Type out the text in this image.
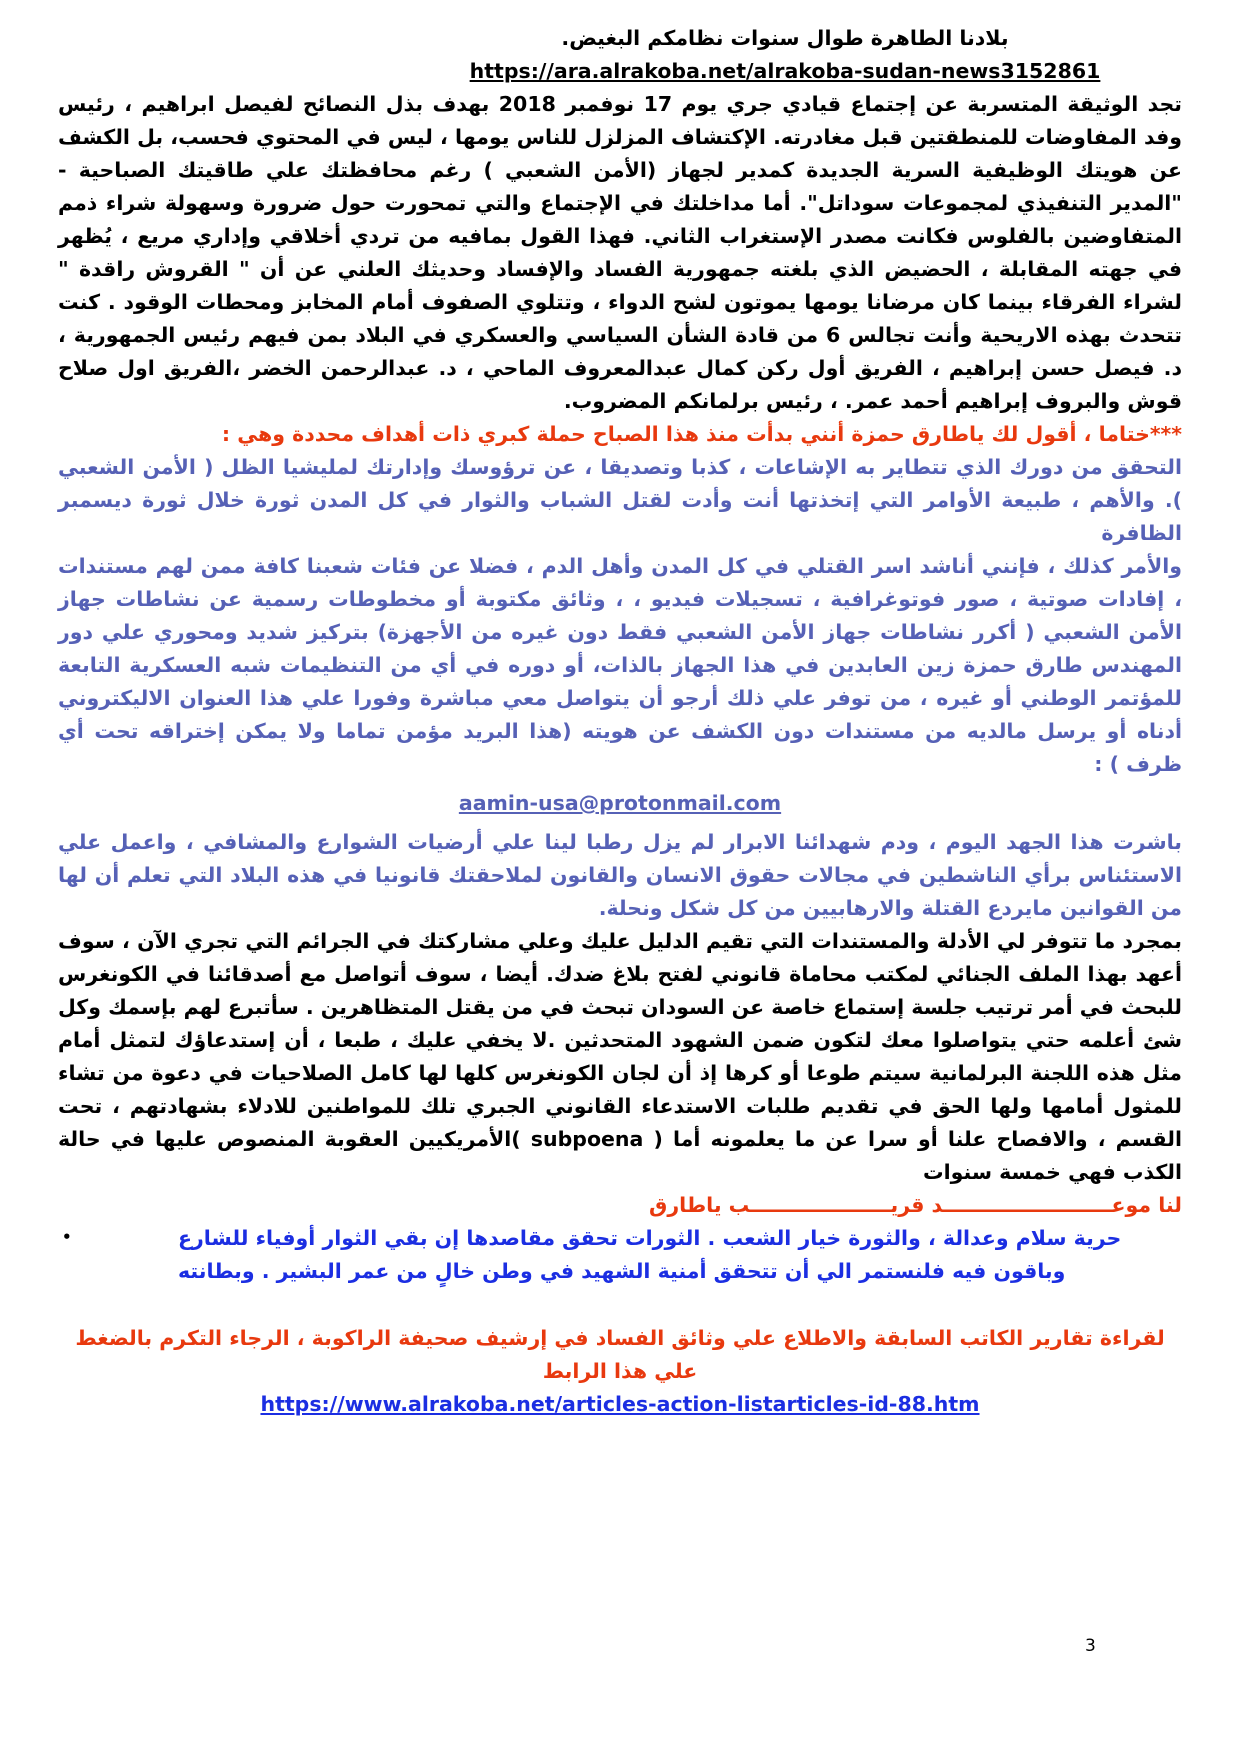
بلادنا الطاهرة طوال سنوات نظامكم البغيض.

https://ara.alrakoba.net/alrakoba-sudan-news3152861

تجد الوثيقة المتسربة عن إجتماع قيادي جري يوم 17 نوفمبر 2018 بهدف بذل النصائح لفيصل ابراهيم ، رئيس وفد المفاوضات للمنطقتين قبل مغادرته. الإكتشاف المزلزل للناس يومها ، ليس في المحتوي فحسب، بل الكشف عن هويتك الوظيفية السرية الجديدة كمدير لجهاز (الأمن الشعبي ) رغم محافظتك علي طاقيتك الصباحية - "المدير التنفيذي لمجموعات سوداتل". أما مداخلتك في الإجتماع والتي تمحورت حول ضرورة وسهولة شراء ذمم المتفاوضين بالفلوس فكانت مصدر الإستغراب الثاني. فهذا القول بمافيه من تردي أخلاقي وإداري مريع ، يُظهر في جهته المقابلة ، الحضيض الذي بلغته جمهورية الفساد والإفساد وحديثك العلني عن أن " القروش راقدة " لشراء الفرقاء بينما كان مرضانا يومها يموتون لشح الدواء ، وتتلوي الصفوف أمام المخابز ومحطات الوقود . كنت تتحدث بهذه الاريحية وأنت تجالس 6 من قادة الشأن السياسي والعسكري في البلاد بمن فيهم رئيس الجمهورية ، د. فيصل حسن إبراهيم ، الفريق أول ركن كمال عبدالمعروف الماحي ، د. عبدالرحمن الخضر ،الفريق اول صلاح قوش والبروف إبراهيم أحمد عمر. ، رئيس برلمانكم المضروب.

***ختاما ، أقول لك ياطارق حمزة أنني بدأت منذ هذا الصباح حملة كبري ذات أهداف محددة وهي :

التحقق من دورك الذي تتطاير به الإشاعات ، كذبا وتصديقا ، عن ترؤوسك وإدارتك لمليشيا الظل ( الأمن الشعبي ). والأهم ، طبيعة الأوامر التي إتخذتها أنت وأدت لقتل الشباب والثوار في كل المدن ثورة خلال ثورة ديسمبر الظافرة

والأمر كذلك ، فإنني أناشد اسر القتلي في كل المدن وأهل الدم ، فضلا عن فئات شعبنا كافة ممن لهم مستندات ، إفادات صوتية ، صور فوتوغرافية ، تسجيلات فيديو ، ، وثائق مكتوبة أو مخطوطات رسمية عن نشاطات جهاز الأمن الشعبي ( أكرر نشاطات جهاز الأمن الشعبي فقط دون غيره من الأجهزة) بتركيز شديد ومحوري علي دور المهندس طارق حمزة زين العابدين في هذا الجهاز بالذات، أو دوره في أي من التنظيمات شبه العسكرية التابعة للمؤتمر الوطني أو غيره ، من توفر علي ذلك أرجو أن يتواصل معي مباشرة وفورا علي هذا العنوان الاليكتروني أدناه أو يرسل مالديه من مستندات دون الكشف عن هويته (هذا البريد مؤمن تماما ولا يمكن إختراقه تحت أي ظرف ) :

aamin-usa@protonmail.com

باشرت هذا الجهد اليوم ، ودم شهدائنا الابرار لم يزل رطبا لينا علي أرضيات الشوارع والمشافي ، واعمل علي الاستئناس برأي الناشطين في مجالات حقوق الانسان والقانون لملاحقتك قانونيا في هذه البلاد التي تعلم أن لها من القوانين مايردع القتلة والارهابيين من كل شكل ونحلة.

بمجرد ما تتوفر لي الأدلة والمستندات التي تقيم الدليل عليك وعلي مشاركتك في الجرائم التي تجري الآن ، سوف أعهد بهذا الملف الجنائي لمكتب محاماة قانوني لفتح بلاغ ضدك. أيضا ، سوف أتواصل مع أصدقائنا في الكونغرس للبحث في أمر ترتيب جلسة إستماع خاصة عن السودان تبحث في من يقتل المتظاهرين . سأتبرع لهم بإسمك وكل شئ أعلمه حتي يتواصلوا معك لتكون ضمن الشهود المتحدثين .لا يخفي عليك ، طبعا ، أن إستدعاؤك لتمثل أمام مثل هذه اللجنة البرلمانية سيتم طوعا أو كرها إذ أن لجان الكونغرس كلها لها كامل الصلاحيات في دعوة من تشاء للمثول أمامها ولها الحق في تقديم طلبات الاستدعاء القانوني الجبري تلك للمواطنين للادلاء بشهادتهم ، تحت القسم ، والافصاح علنا أو سرا عن ما يعلمونه أما ( subpoena )الأمريكيين العقوبة المنصوص عليها في حالة الكذب فهي خمسة سنوات

لنا موعــــــــــــــــــــــــد قريــــــــــــــــــــب ياطارق

•	حرية سلام وعدالة ، والثورة خيار الشعب . الثورات تحقق مقاصدها إن بقي الثوار أوفياء للشارع وباقون فيه فلنستمر الي أن تتحقق أمنية الشهيد في وطن خالٍ من عمر البشير . وبطانته

لقراءة تقارير الكاتب السابقة والاطلاع علي وثائق الفساد في إرشيف صحيفة الراكوبة ، الرجاء التكرم بالضغط علي هذا الرابط

https://www.alrakoba.net/articles-action-listarticles-id-88.htm

3
